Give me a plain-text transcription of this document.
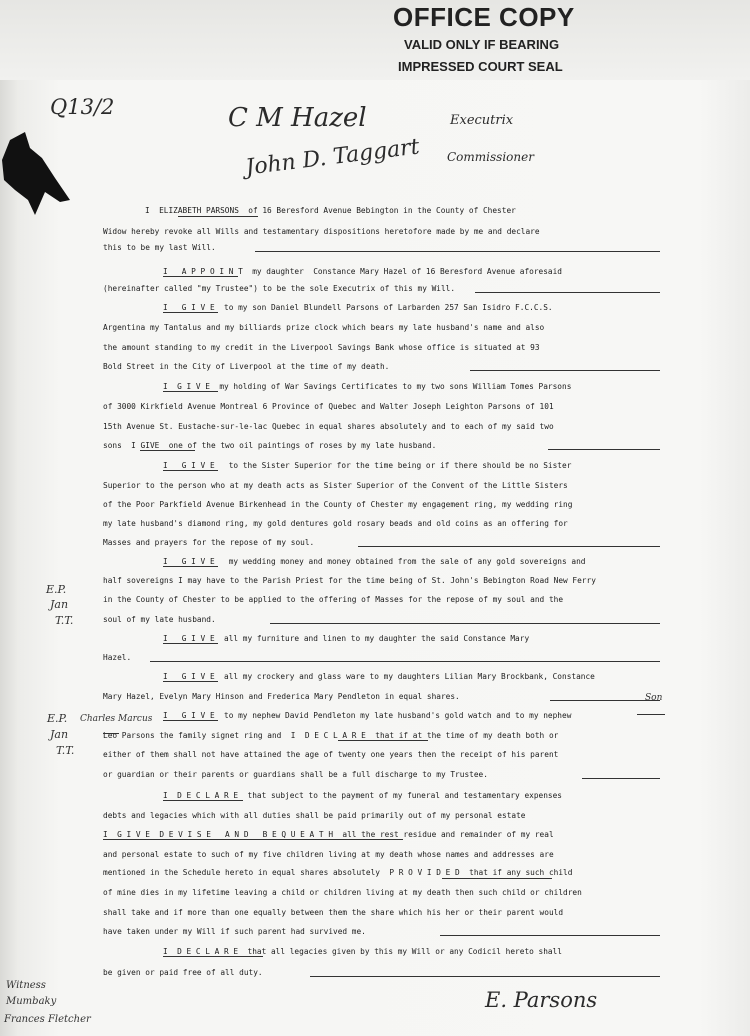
OFFICE COPY
VALID ONLY IF BEARING
IMPRESSED COURT SEAL
Q13/2	C M Hazel
John D. Taggart
Executrix
Commissioner
I  ELIZABETH PARSONS  of 16 Beresford Avenue Bebington in the County of Chester
Widow hereby revoke all Wills and testamentary dispositions heretofore made by me and declare
this to be my last Will.
I   A P P O I N T  my daughter  Constance Mary Hazel of 16 Beresford Avenue aforesaid
(hereinafter called "my Trustee") to be the sole Executrix of this my Will.
I   G I V E  to my son Daniel Blundell Parsons of Larbarden 257 San Isidro F.C.C.S.
Argentina my Tantalus and my billiards prize clock which bears my late husband's name and also
the amount standing to my credit in the Liverpool Savings Bank whose office is situated at 93
Bold Street in the City of Liverpool at the time of my death.
I  G I V E  my holding of War Savings Certificates to my two sons William Tomes Parsons
of 3000 Kirkfield Avenue Montreal 6 Province of Quebec and Walter Joseph Leighton Parsons of 101
15th Avenue St. Eustache-sur-le-lac Quebec in equal shares absolutely and to each of my said two
sons  I GIVE  one of the two oil paintings of roses by my late husband.
I   G I V E   to the Sister Superior for the time being or if there should be no Sister
Superior to the person who at my death acts as Sister Superior of the Convent of the Little Sisters
of the Poor Parkfield Avenue Birkenhead in the County of Chester my engagement ring, my wedding ring
my late husband's diamond ring, my gold dentures gold rosary beads and old coins as an offering for
Masses and prayers for the repose of my soul.
I   G I V E   my wedding money and money obtained from the sale of any gold sovereigns and
half sovereigns I may have to the Parish Priest for the time being of St. John's Bebington Road New Ferry
in the County of Chester to be applied to the offering of Masses for the repose of my soul and the
soul of my late husband.
I   G I V E  all my furniture and linen to my daughter the said Constance Mary
Hazel.
I   G I V E  all my crockery and glass ware to my daughters Lilian Mary Brockbank, Constance
Mary Hazel, Evelyn Mary Hinson and Frederica Mary Pendleton in equal shares.
I   G I V E  to my nephew David Pendleton my late husband's gold watch and to my nephew
Leo Parsons the family signet ring and  I  D E C L A R E  that if at the time of my death both or
either of them shall not have attained the age of twenty one years then the receipt of his parent
or guardian or their parents or guardians shall be a full discharge to my Trustee.
I  D E C L A R E  that subject to the payment of my funeral and testamentary expenses
debts and legacies which with all duties shall be paid primarily out of my personal estate
I  G I V E  D E V I S E   A N D   B E Q U E A T H  all the rest residue and remainder of my real
and personal estate to such of my five children living at my death whose names and addresses are
mentioned in the Schedule hereto in equal shares absolutely  P R O V I D E D  that if any such child
of mine dies in my lifetime leaving a child or children living at my death then such child or children
shall take and if more than one equally between them the share which his her or their parent would
have taken under my Will if such parent had survived me.
I  D E C L A R E  that all legacies given by this my Will or any Codicil hereto shall
be given or paid free of all duty.
E.P.
Jan
T.T.
E.P.
Jan
T.T.
Charles Marcus
Son
Witness
Mumbaky
Frances Fletcher
E. Parsons
